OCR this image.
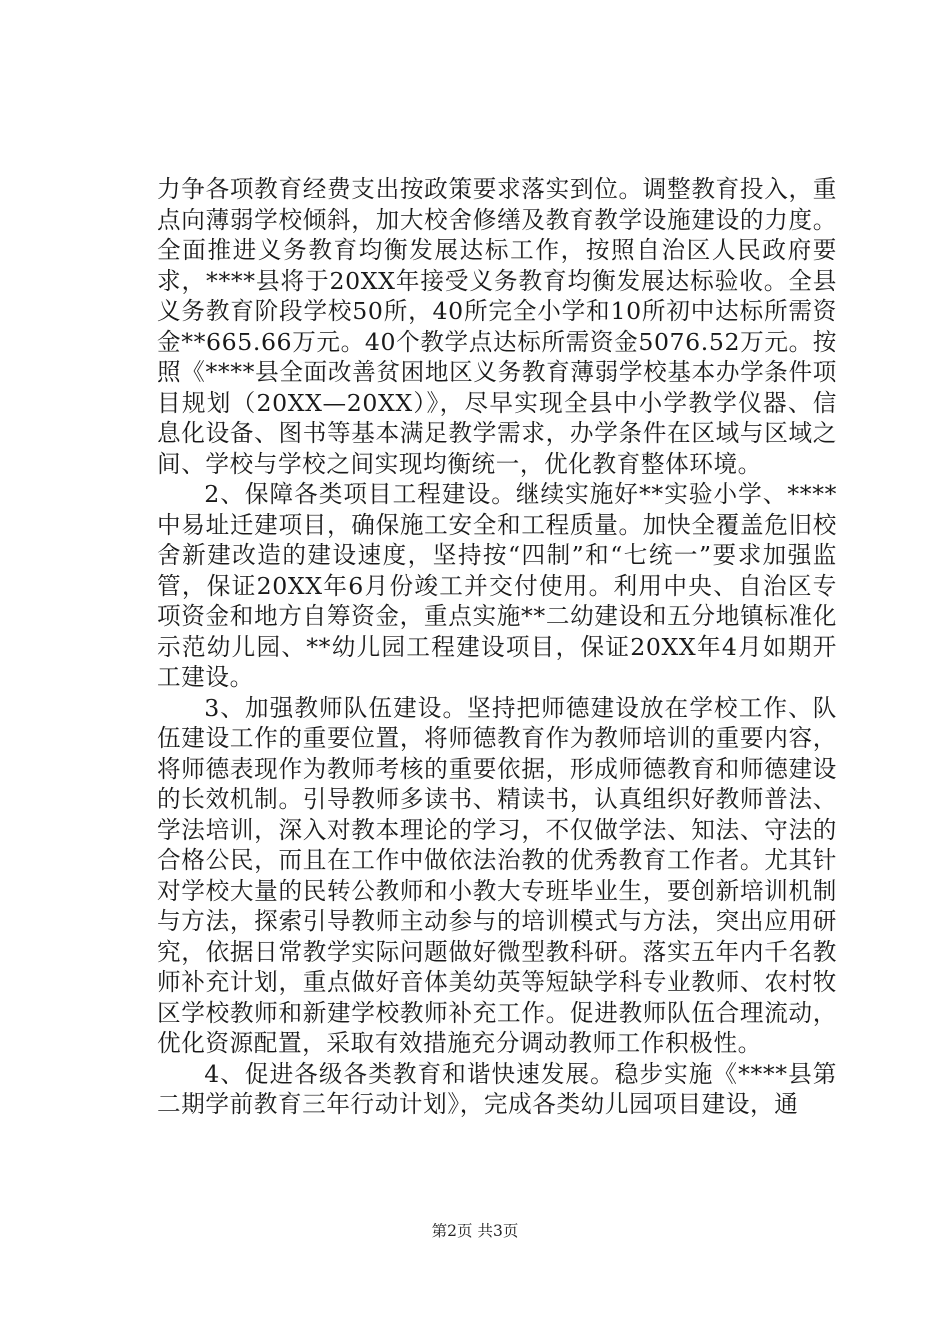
力争各项教育经费支出按政策要求落实到位。调整教育投入，重点向薄弱学校倾斜，加大校舍修缮及教育教学设施建设的力度。全面推进义务教育均衡发展达标工作，按照自治区人民政府要求，****县将于20XX年接受义务教育均衡发展达标验收。全县义务教育阶段学校50所，40所完全小学和10所初中达标所需资金**665.66万元。40个教学点达标所需资金5076.52万元。按照《****县全面改善贫困地区义务教育薄弱学校基本办学条件项目规划（20XX—20XX）》，尽早实现全县中小学教学仪器、信息化设备、图书等基本满足教学需求，办学条件在区域与区域之间、学校与学校之间实现均衡统一，优化教育整体环境。

2、保障各类项目工程建设。继续实施好**实验小学、****中易址迁建项目，确保施工安全和工程质量。加快全覆盖危旧校舍新建改造的建设速度，坚持按“四制”和“七统一”要求加强监管，保证20XX年6月份竣工并交付使用。利用中央、自治区专项资金和地方自筹资金，重点实施**二幼建设和五分地镇标准化示范幼儿园、**幼儿园工程建设项目，保证20XX年4月如期开工建设。

3、加强教师队伍建设。坚持把师德建设放在学校工作、队伍建设工作的重要位置，将师德教育作为教师培训的重要内容，将师德表现作为教师考核的重要依据，形成师德教育和师德建设的长效机制。引导教师多读书、精读书，认真组织好教师普法、学法培训，深入对教本理论的学习，不仅做学法、知法、守法的合格公民，而且在工作中做依法治教的优秀教育工作者。尤其针对学校大量的民转公教师和小教大专班毕业生，要创新培训机制与方法，探索引导教师主动参与的培训模式与方法，突出应用研究，依据日常教学实际问题做好微型教科研。落实五年内千名教师补充计划，重点做好音体美幼英等短缺学科专业教师、农村牧区学校教师和新建学校教师补充工作。促进教师队伍合理流动，优化资源配置，采取有效措施充分调动教师工作积极性。

4、促进各级各类教育和谐快速发展。稳步实施《****县第二期学前教育三年行动计划》，完成各类幼儿园项目建设，通

第2页 共3页
